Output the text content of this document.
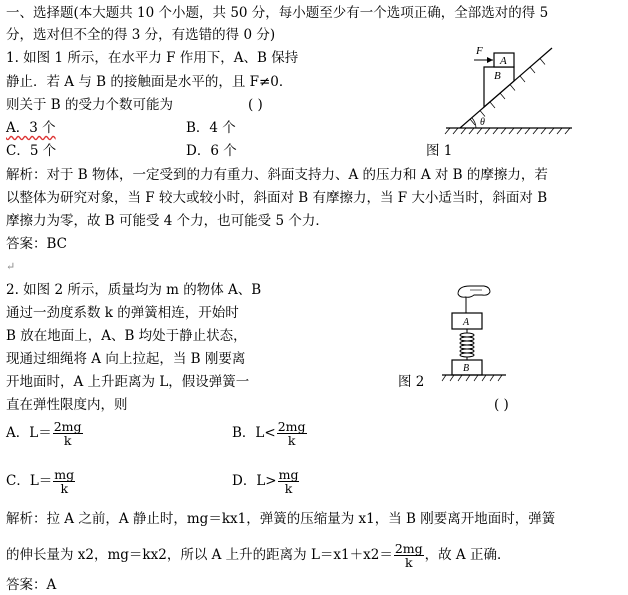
一、选择题(本大题共 10 个小题，共 50 分，每小题至少有一个选项正确，全部选对的得 5
分，选对但不全的得 3 分，有选错的得 0 分)
1. 如图 1 所示，在水平力 F 作用下，A、B 保持
静止．若 A 与 B 的接触面是水平的，且 F≠0．
则关于 B 的受力个数可能为	( )
A．3 个	B．4 个
C．5 个	D．6 个	图 1
F
A
B
θ
解析：对于 B 物体，一定受到的力有重力、斜面支持力、A 的压力和 A 对 B 的摩擦力，若
以整体为研究对象，当 F 较大或较小时，斜面对 B 有摩擦力，当 F 大小适当时，斜面对 B
摩擦力为零，故 B 可能受 4 个力，也可能受 5 个力．
答案：BC
↵
2. 如图 2 所示，质量均为 m 的物体 A、B
通过一劲度系数 k 的弹簧相连，开始时
B 放在地面上，A、B 均处于静止状态，
现通过细绳将 A 向上拉起，当 B 刚要离
开地面时，A 上升距离为 L，假设弹簧一
直在弹性限度内，则	( )
图 2
A
B
A．$L= \frac{2mg}{k}$	B．$L< \frac{2mg}{k}$
C．$L= \frac{mg}{k}$	D．$L> \frac{mg}{k}$
解析：拉 A 之前，A 静止时，mg＝kx1，弹簧的压缩量为 x1，当 B 刚要离开地面时，弹簧
的伸长量为 x2，mg＝kx2，所以 A 上升的距离为 $L=x1+x2= \frac{2mg}{k}$ ，故 A 正确．
答案：A
